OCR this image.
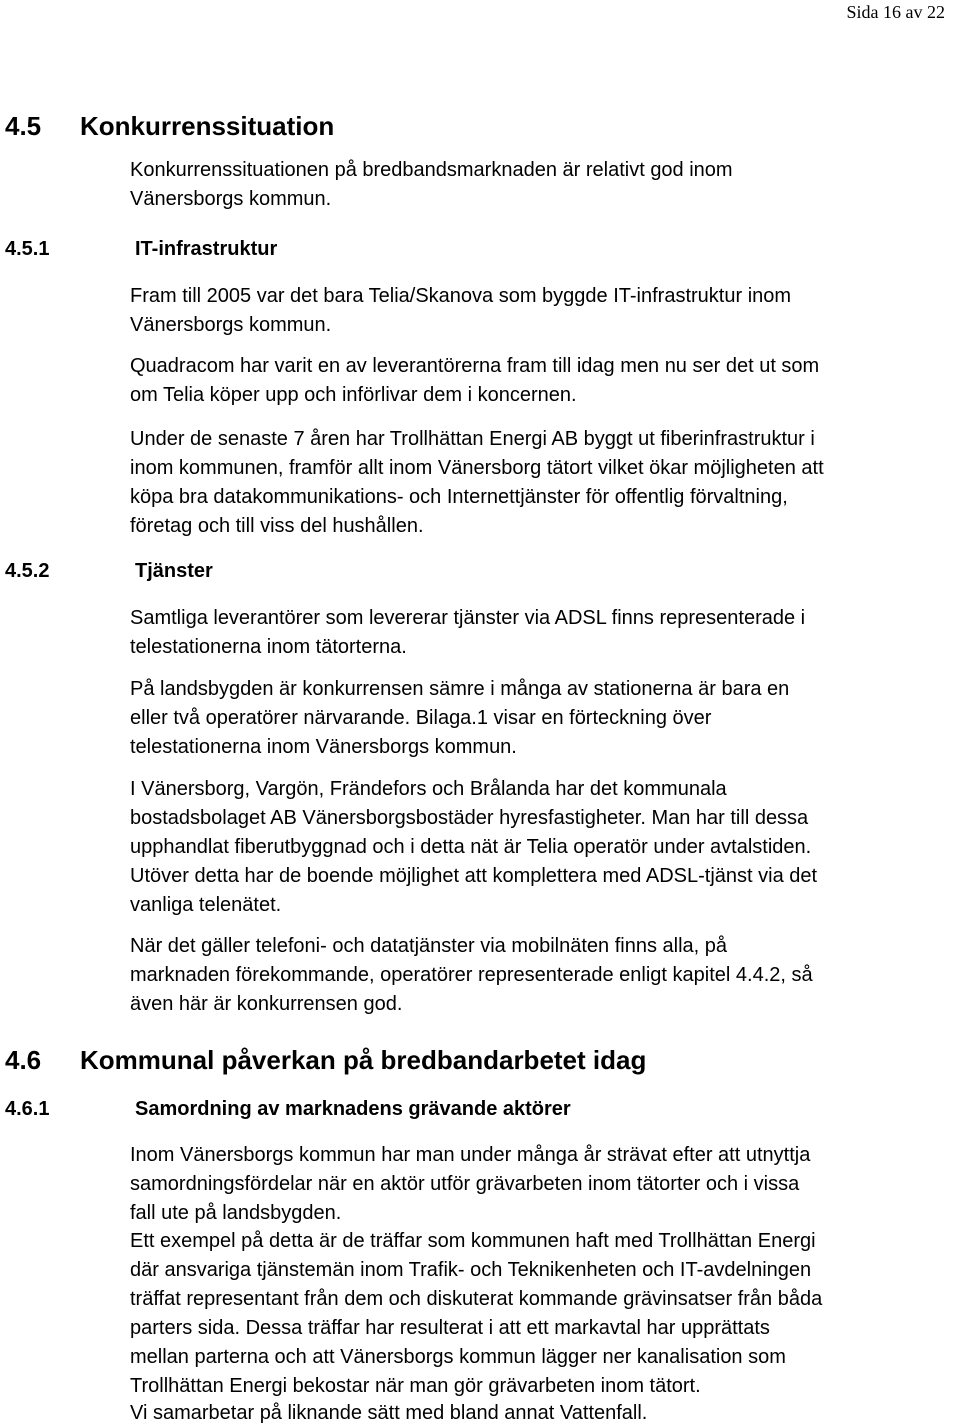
Sida 16 av 22
4.5 Konkurrenssituation

Konkurrenssituationen på bredbandsmarknaden är relativt god inom
Vänersborgs kommun.

4.5.1	IT-infrastruktur

Fram till 2005 var det bara Telia/Skanova som byggde IT-infrastruktur inom
Vänersborgs kommun.

Quadracom har varit en av leverantörerna fram till idag men nu ser det ut som
om Telia köper upp och införlivar dem i koncernen.

Under de senaste 7 åren har Trollhättan Energi AB byggt ut fiberinfrastruktur i
inom kommunen, framför allt inom Vänersborg tätort vilket ökar möjligheten att
köpa bra datakommunikations- och Internettjänster för offentlig förvaltning,
företag och till viss del hushållen.

4.5.2	Tjänster

Samtliga leverantörer som levererar tjänster via ADSL finns representerade i
telestationerna inom tätorterna.

På landsbygden är konkurrensen sämre i många av stationerna är bara en
eller två operatörer närvarande. Bilaga.1 visar en förteckning över
telestationerna inom Vänersborgs kommun.

I Vänersborg, Vargön, Frändefors och Brålanda har det kommunala
bostadsbolaget AB Vänersborgsbostäder hyresfastigheter. Man har till dessa
upphandlat fiberutbyggnad och i detta nät är Telia operatör under avtalstiden.
Utöver detta har de boende möjlighet att komplettera med ADSL-tjänst via det
vanliga telenätet.

När det gäller telefoni- och datatjänster via mobilnäten finns alla, på
marknaden förekommande, operatörer representerade enligt kapitel 4.4.2, så
även här är konkurrensen god.

4.6 Kommunal påverkan på bredbandarbetet idag
4.6.1	Samordning av marknadens grävande aktörer

Inom Vänersborgs kommun har man under många år strävat efter att utnyttja
samordningsfördelar när en aktör utför grävarbeten inom tätorter och i vissa
fall ute på landsbygden.

Ett exempel på detta är de träffar som kommunen haft med Trollhättan Energi
där ansvariga tjänstemän inom Trafik- och Teknikenheten och IT-avdelningen
träffat representant från dem och diskuterat kommande grävinsatser från båda
parters sida. Dessa träffar har resulterat i att ett markavtal har upprättats
mellan parterna och att Vänersborgs kommun lägger ner kanalisation som
Trollhättan Energi bekostar när man gör grävarbeten inom tätort.

Vi samarbetar på liknande sätt med bland annat Vattenfall.
